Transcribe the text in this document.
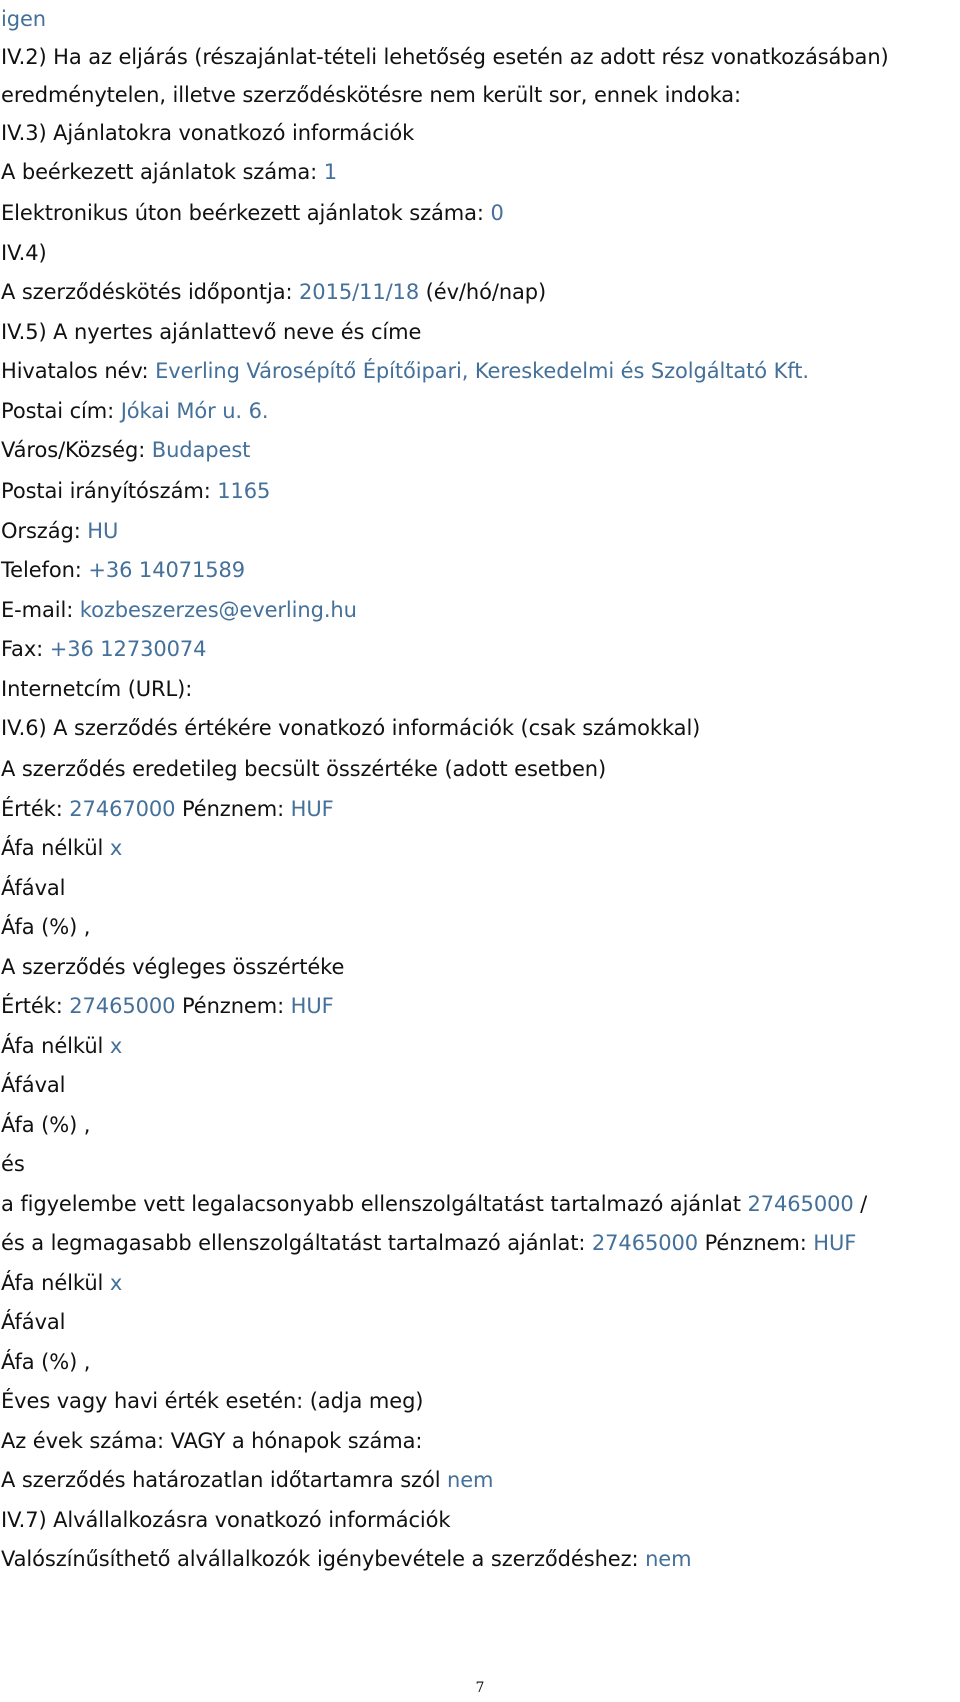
igen
IV.2) Ha az eljárás (részajánlat-tételi lehetőség esetén az adott rész vonatkozásában)
eredménytelen, illetve szerződéskötésre nem került sor, ennek indoka:
IV.3) Ajánlatokra vonatkozó információk
A beérkezett ajánlatok száma: 1
Elektronikus úton beérkezett ajánlatok száma: 0
IV.4)
A szerződéskötés időpontja: 2015/11/18 (év/hó/nap)
IV.5) A nyertes ajánlattevő neve és címe
Hivatalos név: Everling Városépítő Építőipari, Kereskedelmi és Szolgáltató Kft.
Postai cím: Jókai Mór u. 6.
Város/Község: Budapest
Postai irányítószám: 1165
Ország: HU
Telefon: +36 14071589
E-mail: kozbeszerzes@everling.hu
Fax: +36 12730074
Internetcím (URL):
IV.6) A szerződés értékére vonatkozó információk (csak számokkal)
A szerződés eredetileg becsült összértéke (adott esetben)
Érték: 27467000 Pénznem: HUF
Áfa nélkül x
Áfával
Áfa (%) ,
A szerződés végleges összértéke
Érték: 27465000 Pénznem: HUF
Áfa nélkül x
Áfával
Áfa (%) ,
és
a figyelembe vett legalacsonyabb ellenszolgáltatást tartalmazó ajánlat 27465000 /
és a legmagasabb ellenszolgáltatást tartalmazó ajánlat: 27465000 Pénznem: HUF
Áfa nélkül x
Áfával
Áfa (%) ,
Éves vagy havi érték esetén: (adja meg)
Az évek száma: VAGY a hónapok száma:
A szerződés határozatlan időtartamra szól nem
IV.7) Alvállalkozásra vonatkozó információk
Valószínűsíthető alvállalkozók igénybevétele a szerződéshez: nem
7
